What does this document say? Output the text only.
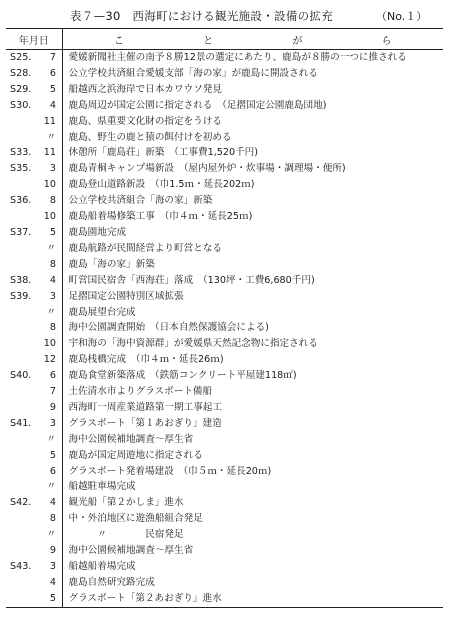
表７—30　西海町における観光施設・設備の拡充	（No.１）
年月日	こ と が ら
S25. 7	愛媛新聞社主催の南予８勝12景の選定にあたり、鹿島が８勝の一つに推される
S28. 6	公立学校共済組合愛媛支部「海の家」が鹿島に開設される
S29. 5	船越西之浜海岸で日本カワウソ発見
S30. 4	鹿島周辺が国定公園に指定される　（足摺国定公園鹿島団地)
11	鹿島、県重要文化財の指定をうける
〃	鹿島、野生の鹿と猿の餌付けを初める
S33. 11	休憩所「鹿島荘」新築　（工事費1,520千円)
S35. 3	鹿島青桐キャンプ場新設　（屋内屋外炉・炊事場・調理場・便所)
10	鹿島登山道路新設　（巾1.5ｍ・延長202ｍ)
S36. 8	公立学校共済組合「海の家」新築
10	鹿島船着場修築工事　（巾４ｍ・延長25ｍ)
S37. 5	鹿島園地完成
〃	鹿島航路が民間経営より町営となる
8	鹿島「海の家」新築
S38. 4	町営国民宿舎「西海荘」落成　（130坪・工費6,680千円)
S39. 3	足摺国定公園特別区域拡張
〃	鹿島展望台完成
8	海中公園調査開始　（日本自然保護協会による)
10	宇和海の「海中資源群」が愛媛県天然記念物に指定される
12	鹿島桟橋完成　（巾４ｍ・延長26ｍ)
S40. 6	鹿島食堂新築落成　（鉄筋コンクリート平屋建118㎡)
7	土佐清水市よりグラスボート備船
9	西海町一周産業道路第一期工事起工
S41. 3	グラスボート「第１あおぎり」建造
〃	海中公園候補地調査～厚生省
5	鹿島が国定周遊地に指定される
6	グラスボート発着場建設　（巾５ｍ・延長20ｍ)
〃	船越駐車場完成
S42. 4	観光船「第２かしま」進水
8	中・外泊地区に遊漁船組合発足
〃	　　　〃　　　　民宿発足
9	海中公園候補地調査～厚生省
S43. 3	船越船着場完成
4	鹿島自然研究路完成
5	グラスボート「第２あおぎり」進水
